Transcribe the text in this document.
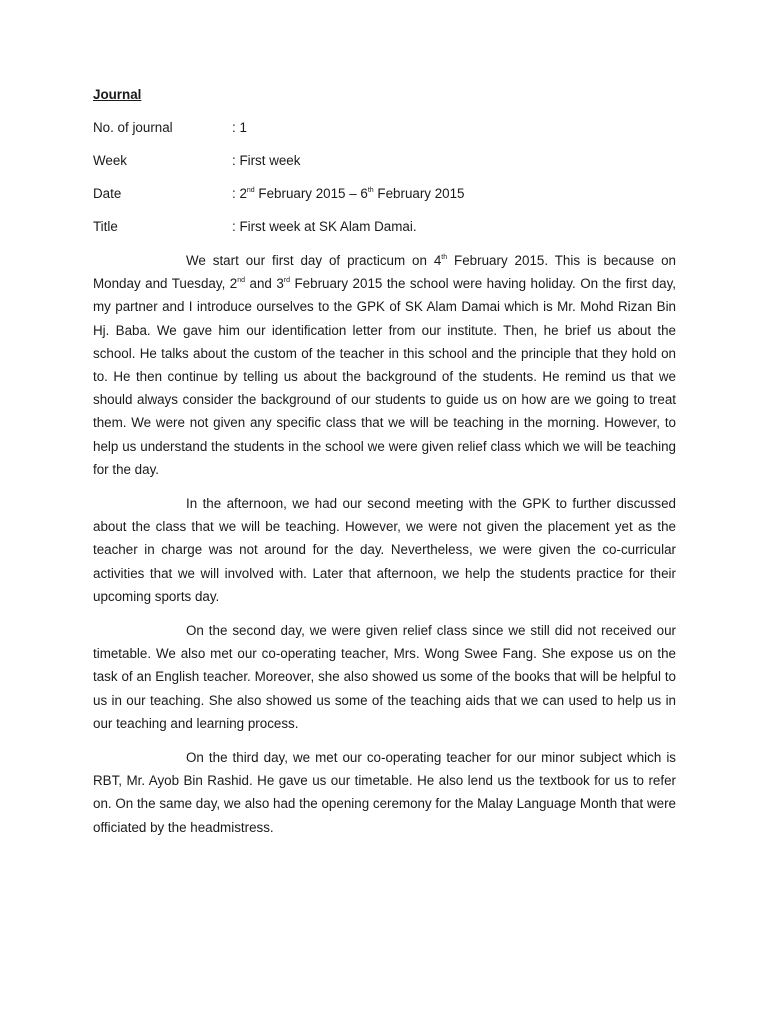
Journal
No. of journal	: 1
Week	: First week
Date	: 2nd February 2015 – 6th February 2015
Title	: First week at SK Alam Damai.

We start our first day of practicum on 4th February 2015. This is because on Monday and Tuesday, 2nd and 3rd February 2015 the school were having holiday. On the first day, my partner and I introduce ourselves to the GPK of SK Alam Damai which is Mr. Mohd Rizan Bin Hj. Baba. We gave him our identification letter from our institute. Then, he brief us about the school. He talks about the custom of the teacher in this school and the principle that they hold on to. He then continue by telling us about the background of the students. He remind us that we should always consider the background of our students to guide us on how are we going to treat them. We were not given any specific class that we will be teaching in the morning. However, to help us understand the students in the school we were given relief class which we will be teaching for the day.

In the afternoon, we had our second meeting with the GPK to further discussed about the class that we will be teaching. However, we were not given the placement yet as the teacher in charge was not around for the day. Nevertheless, we were given the co-curricular activities that we will involved with. Later that afternoon, we help the students practice for their upcoming sports day.

On the second day, we were given relief class since we still did not received our timetable. We also met our co-operating teacher, Mrs. Wong Swee Fang. She expose us on the task of an English teacher. Moreover, she also showed us some of the books that will be helpful to us in our teaching. She also showed us some of the teaching aids that we can used to help us in our teaching and learning process.

On the third day, we met our co-operating teacher for our minor subject which is RBT, Mr. Ayob Bin Rashid. He gave us our timetable. He also lend us the textbook for us to refer on. On the same day, we also had the opening ceremony for the Malay Language Month that were officiated by the headmistress.
